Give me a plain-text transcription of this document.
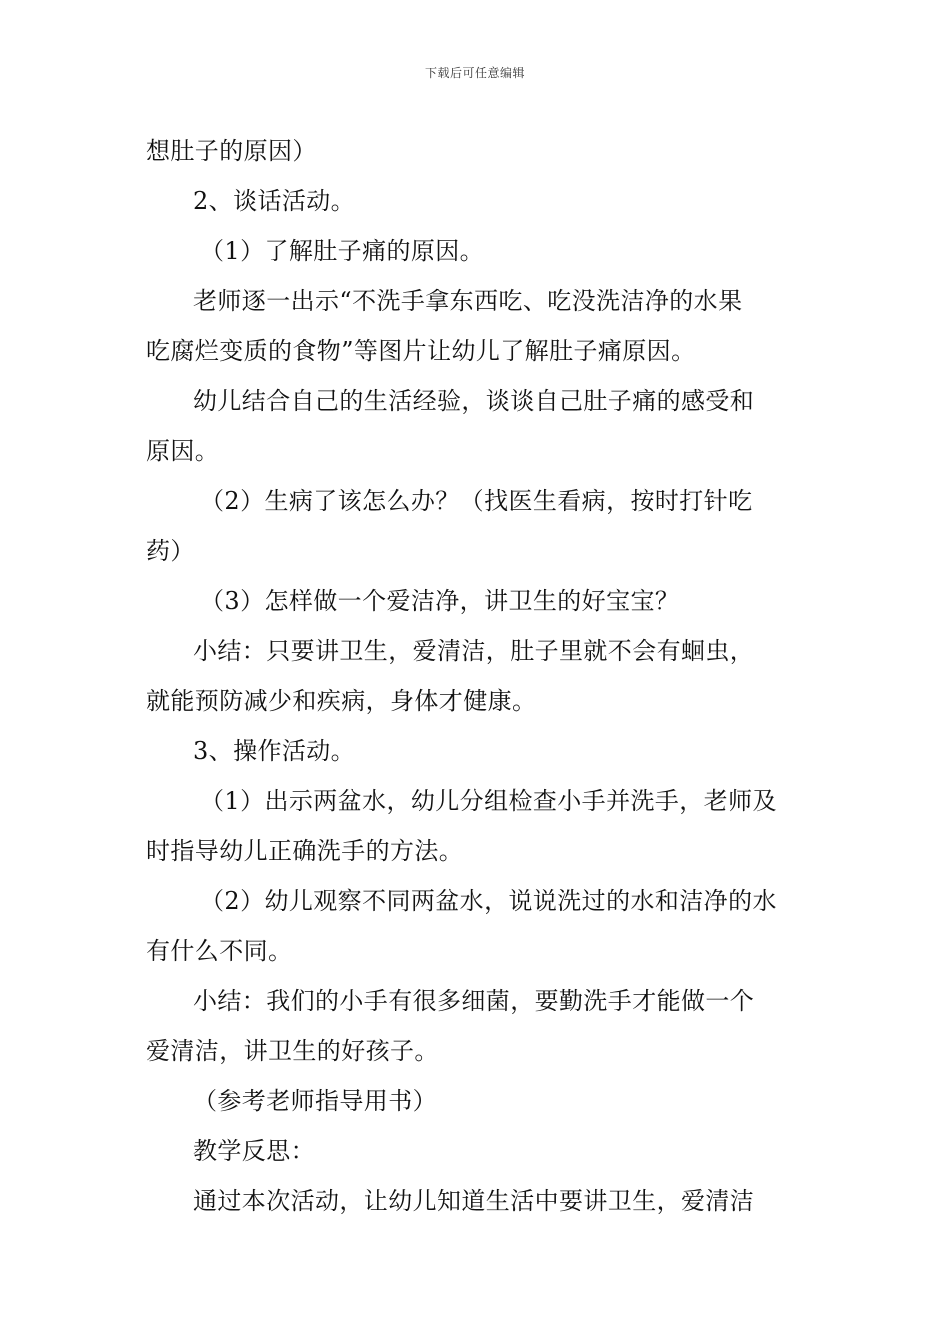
下载后可任意编辑
想肚子的原因）
2、谈话活动。
（1）了解肚子痛的原因。
老师逐一出示“不洗手拿东西吃、吃没洗洁净的水果
吃腐烂变质的食物”等图片让幼儿了解肚子痛原因。
幼儿结合自己的生活经验，谈谈自己肚子痛的感受和
原因。
（2）生病了该怎么办？（找医生看病，按时打针吃
药）
（3）怎样做一个爱洁净，讲卫生的好宝宝？
小结：只要讲卫生，爱清洁，肚子里就不会有蛔虫，
就能预防减少和疾病，身体才健康。
3、操作活动。
（1）出示两盆水，幼儿分组检查小手并洗手，老师及
时指导幼儿正确洗手的方法。
（2）幼儿观察不同两盆水，说说洗过的水和洁净的水
有什么不同。
小结：我们的小手有很多细菌，要勤洗手才能做一个
爱清洁，讲卫生的好孩子。
（参考老师指导用书）
教学反思：
通过本次活动，让幼儿知道生活中要讲卫生，爱清洁
